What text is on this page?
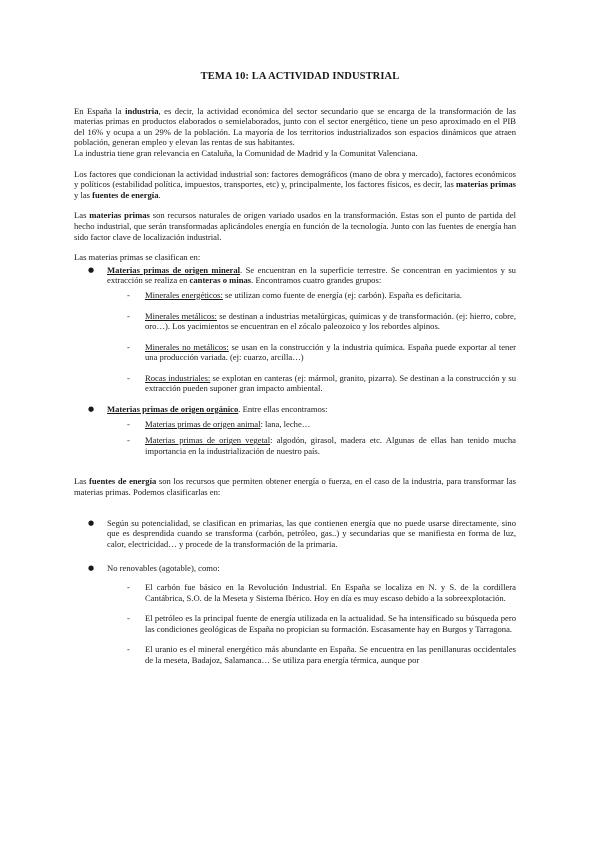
TEMA 10: LA ACTIVIDAD INDUSTRIAL

En España la industria, es decir, la actividad económica del sector secundario que se encarga de la transformación de las materias primas en productos elaborados o semielaborados, junto con el sector energético, tiene un peso aproximado en el PIB del 16% y ocupa a un 29% de la población. La mayoría de los territorios industrializados son espacios dinámicos que atraen población, generan empleo y elevan las rentas de sus habitantes.

La industria tiene gran relevancia en Cataluña, la Comunidad de Madrid y la Comunitat Valenciana.

Los factores que condicionan la actividad industrial son: factores demográficos (mano de obra y mercado), factores económicos y políticos (estabilidad política, impuestos, transportes, etc) y, principalmente, los factores físicos, es decir, las materias primas y las fuentes de energía.

Las materias primas son recursos naturales de origen variado usados en la transformación. Estas son el punto de partida del hecho industrial, que serán transformadas aplicándoles energía en función de la tecnología. Junto con las fuentes de energía han sido factor clave de localización industrial.

Las materias primas se clasifican en:

● Materias primas de origen mineral. Se encuentran en la superficie terrestre. Se concentran en yacimientos y su extracción se realiza en canteras o minas. Encontramos cuatro grandes grupos:

- Minerales energéticos: se utilizan como fuente de energía (ej: carbón). España es deficitaria.
- Minerales metálicos: se destinan a industrias metalúrgicas, químicas y de transformación. (ej: hierro, cobre, oro…). Los yacimientos se encuentran en el zócalo paleozoico y los rebordes alpinos.
- Minerales no metálicos: se usan en la construcción y la industria química. España puede exportar al tener una producción variada. (ej: cuarzo, arcilla…)
- Rocas industriales: se explotan en canteras (ej: mármol, granito, pizarra). Se destinan a la construcción y su extracción pueden suponer gran impacto ambiental.

● Materias primas de origen orgánico. Entre ellas encontramos:

- Materias primas de origen animal: lana, leche…
- Materias primas de origen vegetal: algodón, girasol, madera etc. Algunas de ellas han tenido mucha importancia en la industrialización de nuestro país.

Las fuentes de energía son los recursos que permiten obtener energía o fuerza, en el caso de la industria, para transformar las materias primas. Podemos clasificarlas en:

● Según su potencialidad, se clasifican en primarias, las que contienen energía que no puede usarse directamente, sino que es desprendida cuando se transforma (carbón, petróleo, gas..) y secundarias que se manifiesta en forma de luz, calor, electricidad… y procede de la transformación de la primaria.

● No renovables (agotable), como:

- El carbón fue básico en la Revolución Industrial. En España se localiza en N. y S. de la cordillera Cantábrica, S.O. de la Meseta y Sistema Ibérico. Hoy en día es muy escaso debido a la sobreexplotación.
- El petróleo es la principal fuente de energía utilizada en la actualidad. Se ha intensificado su búsqueda pero las condiciones geológicas de España no propician su formación. Escasamente hay en Burgos y Tarragona.
- El uranio es el mineral energético más abundante en España. Se encuentra en las penillanuras occidentales de la meseta, Badajoz, Salamanca… Se utiliza para energía térmica, aunque por
